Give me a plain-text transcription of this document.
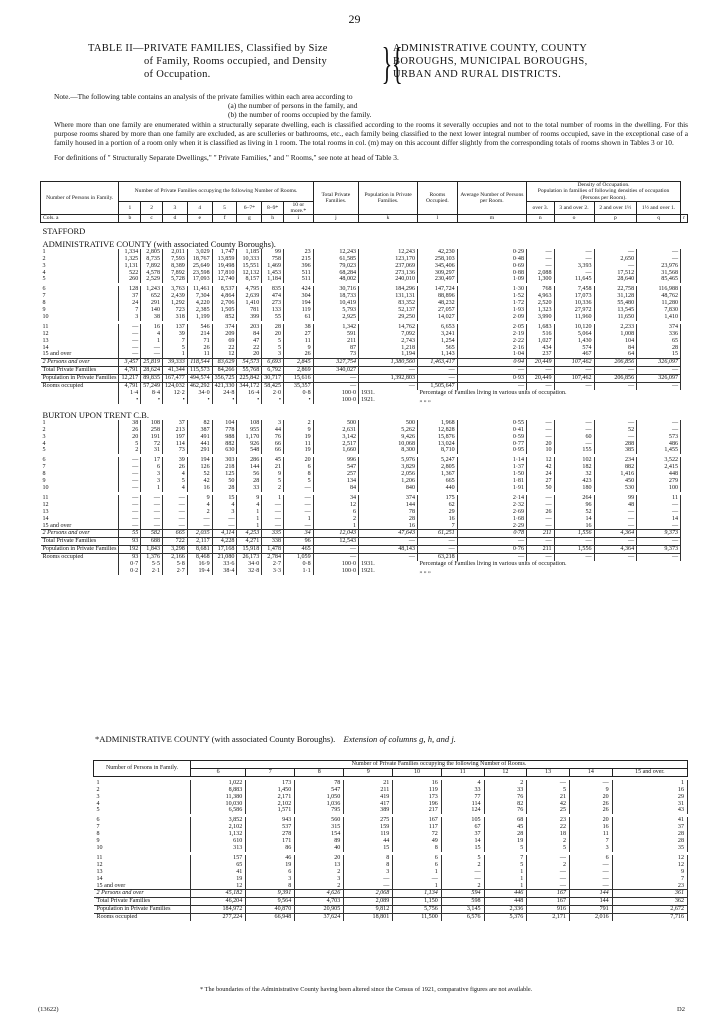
29
TABLE II—PRIVATE FAMILIES, Classified by Size
of Family, Rooms occupied, and Density
of Occupation.	}{
ADMINISTRATIVE COUNTY, COUNTY
BOROUGHS, MUNICIPAL BOROUGHS,
URBAN AND RURAL DISTRICTS.
Note.—The following table contains an analysis of the private families within each area according to
(a) the number of persons in the family, and
(b) the number of rooms occupied by the family.
Where more than one family are enumerated within a structurally separate dwelling, each is classified according to the rooms it severally occupies and not to the total number of rooms in the dwelling. For this purpose rooms shared by more than one family are excluded, as are sculleries or bathrooms, etc., each family being classified to the next lower integral number of rooms occupied, save in the exceptional case of a family housed in a portion of a room only when it is classified as living in 1 room. The total rooms in col. (m) may on this account differ slightly from the corresponding totals of rooms shown in Tables 3 or 10.
For definitions of " Structurally Separate Dwellings," " Private Families," and " Rooms," see note at head of Table 3.
Number of Persons in Family.	Number of Private Families occupying the following Number of Rooms.								Total Private Families.	Population in Private Families.	Rooms Occupied.	Average Number of Persons per Room.	Density of Occupation.
Population in families of following densities of occupation (Persons per Room).				

	1	2	3	4	5	6–7*	8–9*	10 or more.*					over 3.	3 and over 2.	2 and over 1½	1½ and over 1.	
Cols. a	b	c	d	e	f	g	h	i	j	k	l	m	n	o	p	q	r
STAFFORD																	
ADMINISTRATIVE COUNTY (with associated County Boroughs).																	
1	1,334	2,805	2,011	3,029	1,747	1,185	99	23	12,243	12,243	42,230	0·29	—	—	—	—	
2	1,325	8,735	7,593	18,767	13,859	10,333	758	215	61,585	123,170	258,103	0·48	—	—	2,650	—	
3	1,131	7,892	8,389	25,649	19,498	15,551	1,469	396	79,023	237,069	345,406	0·69	—	3,393	—	23,976	
4	522	4,578	7,892	23,598	17,810	12,132	1,453	511	68,284	273,136	309,297	0·88	2,088	—	17,512	31,568	
5	260	2,529	5,728	17,093	12,740	8,157	1,184	511	48,002	240,010	230,497	1·09	1,300	11,645	28,640	85,465	

6	128	1,243	3,763	11,461	8,537	4,795	835	424	30,716	184,296	147,724	1·30	768	7,458	22,758	116,988	
7	37	652	2,439	7,304	4,864	2,639	474	304	18,733	131,131	88,896	1·52	4,963	17,073	31,128	48,762	
8	24	291	1,292	4,220	2,706	1,410	273	194	10,419	83,352	48,232	1·72	2,520	10,336	55,480	11,280	
9	7	140	723	2,385	1,505	781	133	119	5,793	52,137	27,057	1·93	1,323	27,972	13,545	7,830	
10	3	38	318	1,199	852	399	55	61	2,925	29,250	14,027	2·09	3,990	11,960	11,650	1,410	

11	—	16	137	546	374	203	28	38	1,342	14,762	6,653	2·05	1,683	10,120	2,233	374	
12	—	4	39	214	209	84	20	27	591	7,092	3,241	2·19	516	5,064	1,008	336	
13	—	1	7	71	69	47	5	11	211	2,743	1,254	2·22	1,027	1,430	104	65	
14	—	—	5	26	22	22	5	9	87	1,218	565	2·16	434	574	84	28	
15 and over	—	—	1	11	12	20	3	26	73	1,194	1,143	1·04	237	467	64	15	
2 Persons and over	3,457	25,819	39,333	118,544	83,629	54,573	6,693	2,845	327,754	1,380,560	1,463,417	0·94	20,449	107,462	206,856	326,097	
Total Private Families	4,791	28,624	41,344	115,573	84,266	55,768	6,792	2,869	340,027	—	—	—	—	—	—	—	
Population in Private Families	12,217	89,835	167,477	494,574	356,725	225,842	30,717	15,616	—	1,392,803	—	0·93	20,449	107,462	206,856	326,097	
Rooms occupied	4,791	57,249	124,032	462,292	421,330	344,172	58,425	35,357	—	—	1,505,647	—	—	—	—	—	
	1·4	8·4	12·2	34·0	24·8	16·4	2·0	0·8	100·0	1931.	Percentage of Families living in various units of occupation.						
	•	•	•	•	•	•	•	•	100·0	1921.	„ „ „						

BURTON UPON TRENT C.B.																	
1	38	108	37	82	104	108	3	2	500	500	1,968	0·55	—	—	—	—	
2	26	258	213	387	778	955	44	9	2,631	5,262	12,828	0·41	—	—	52	—	
3	20	191	197	491	988	1,170	76	19	3,142	9,426	15,876	0·59	—	60	—	573	
4	5	72	114	441	882	926	66	11	2,517	10,068	13,024	0·77	20	—	288	486	
5	2	31	73	291	630	548	66	19	1,660	8,300	8,710	0·95	10	155	385	1,455	

6	—	17	39	194	303	286	45	20	996	5,976	5,247	1·14	12	102	234	3,522	
7	—	6	26	126	218	144	21	6	547	3,829	2,805	1·37	42	182	882	2,415	
8	—	3	4	52	125	56	9	8	257	2,056	1,367	1·50	24	32	1,416	448	
9	—	3	5	42	50	28	5	5	134	1,206	665	1·81	27	423	450	279	
10	—	1	4	16	28	33	2	—	84	840	440	1·91	50	180	530	100	

11	—	—	—	9	15	9	1	—	34	374	175	2·14	—	264	99	11	
12	—	—	—	4	4	4	—	—	12	144	62	2·32	—	96	48	—	
13	—	—	—	2	3	1	—	—	6	78	29	2·69	26	52	—	—	
14	—	—	—	—	—	1	—	1	2	28	16	1·68	—	14	—	14	
15 and over	—	—	—	—	—	1	—	—	1	16	7	2·29	—	16	—	—	
2 Persons and over	55	582	665	2,035	4,114	4,253	335	34	12,043	47,643	61,251	0·78	211	1,556	4,364	9,373	
Total Private Families	93	688	722	2,117	4,228	4,271	338	96	12,543	—	—	—	—	—	—	—	
Population in Private Families	192	1,843	3,298	8,681	17,168	15,918	1,478	465	—	48,143	—	0·76	211	1,556	4,364	9,373	
Rooms occupied	93	1,376	2,166	8,468	21,080	26,173	2,784	1,059	—	—	63,218	—	—	—	—	—	
	0·7	5·5	5·8	16·9	33·6	34·0	2·7	0·8	100·0	1931.	Percentage of Families living in various units of occupation.						
	0·2	2·1	2·7	19·4	38·4	32·8	3·3	1·1	100·0	1921.	„ „ „						
*ADMINISTRATIVE COUNTY (with associated County Boroughs). Extension of columns g, h, and j.
Number of Persons in Family.	Number of Private Families occupying the following Number of Rooms.									
	6	7	8	9	10	11	12	13	14	15 and over.

1	1,022	173	78	21	16	4	2	—	—	1
2	8,883	1,450	547	211	119	33	33	5	9	16
3	11,380	2,171	1,050	419	173	77	76	21	20	29
4	10,030	2,102	1,036	417	196	114	82	42	26	31
5	6,586	1,571	795	389	217	124	76	25	26	43

6	3,852	943	560	275	167	105	68	23	20	41
7	2,102	537	315	159	117	67	45	22	16	37
8	1,132	278	154	119	72	37	28	18	11	28
9	610	171	89	44	49	14	19	2	7	28
10	313	86	40	15	8	15	5	5	3	35

11	157	46	20	8	6	5	7	—	6	12
12	65	19	13	8	6	2	5	2	—	12
13	41	6	2	3	1	—	1	—	—	9
14	19	3	3	—	—	—	1	—	—	7
15 and over	12	8	2	—	1	2	1	—	—	23
2 Persons and over	45,182	9,391	4,626	2,068	1,134	594	446	167	144	361
Total Private Families	46,204	9,564	4,703	2,089	1,150	598	448	167	144	362
Population in Private Families	184,972	40,870	20,905	9,812	5,756	3,145	2,336	916	791	2,672
Rooms occupied	277,224	66,948	37,624	18,801	11,500	6,576	5,376	2,171	2,016	7,716
* The boundaries of the Administrative County having been altered since the Census of 1921, comparative figures are not available.
(13622)	D2
